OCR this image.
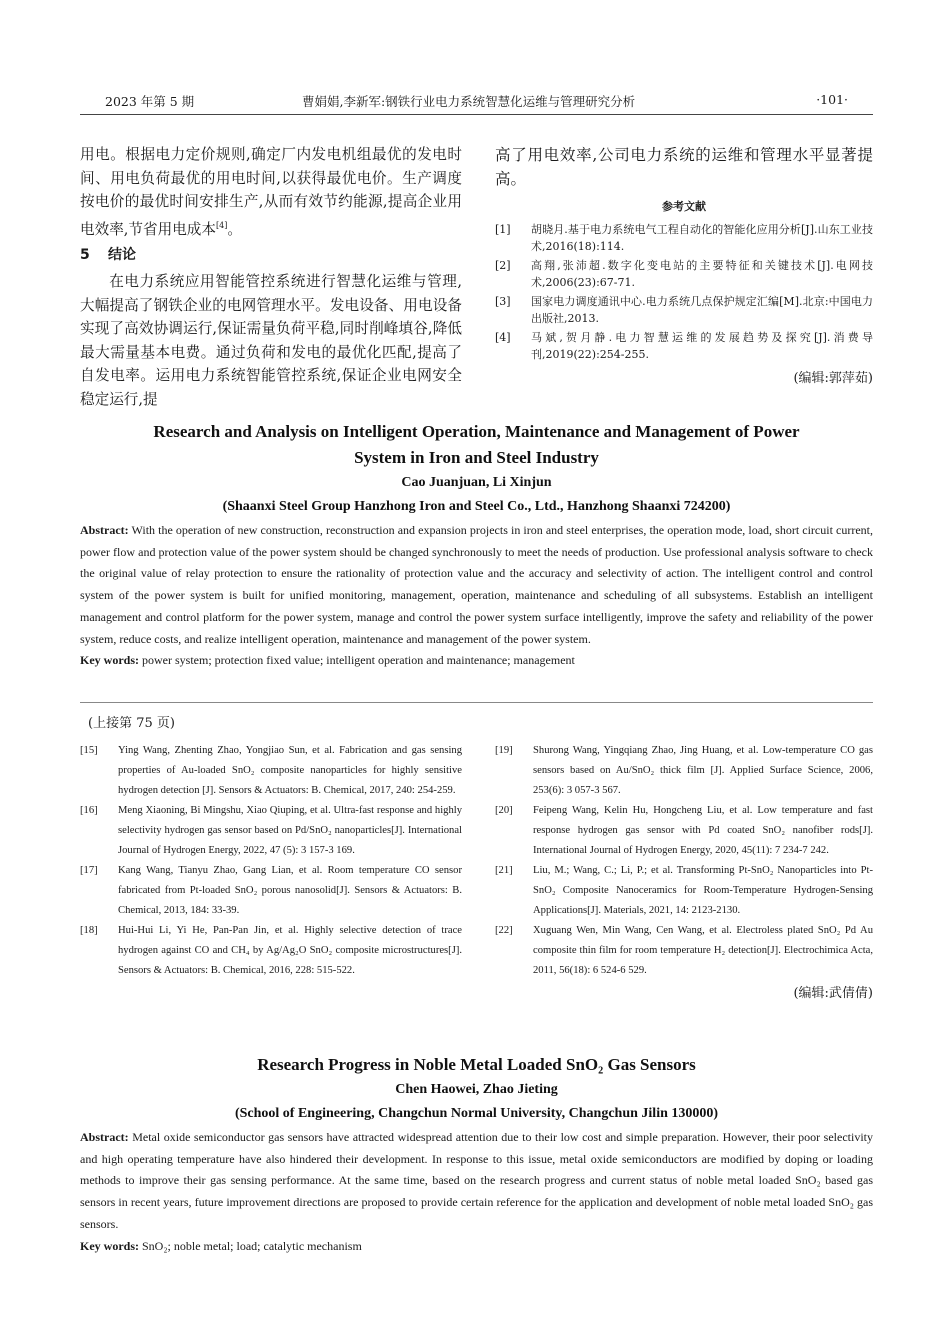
2023 年第 5 期	曹娟娟,李新军:钢铁行业电力系统智慧化运维与管理研究分析	·101·

用电。根据电力定价规则,确定厂内发电机组最优的发电时间、用电负荷最优的用电时间,以获得最优电价。生产调度按电价的最优时间安排生产,从而有效节约能源,提高企业用电效率,节省用电成本[4]。

5 结论

在电力系统应用智能管控系统进行智慧化运维与管理,大幅提高了钢铁企业的电网管理水平。发电设备、用电设备实现了高效协调运行,保证需量负荷平稳,同时削峰填谷,降低最大需量基本电费。通过负荷和发电的最优化匹配,提高了自发电率。运用电力系统智能管控系统,保证企业电网安全稳定运行,提

高了用电效率,公司电力系统的运维和管理水平显著提高。

参考文献
[1]	胡晓月.基于电力系统电气工程自动化的智能化应用分析[J].山东工业技术,2016(18):114.
[2]	高翔,张沛超.数字化变电站的主要特征和关键技术[J].电网技术,2006(23):67-71.
[3]	国家电力调度通讯中心.电力系统几点保护规定汇编[M].北京:中国电力出版社,2013.
[4]	马斌,贺月静.电力智慧运维的发展趋势及探究[J].消费导刊,2019(22):254-255.
(编辑:郭萍茹)
Research and Analysis on Intelligent Operation, Maintenance and Management of Power
System in Iron and Steel Industry
Cao Juanjuan, Li Xinjun
(Shaanxi Steel Group Hanzhong Iron and Steel Co., Ltd., Hanzhong Shaanxi 724200)
Abstract: With the operation of new construction, reconstruction and expansion projects in iron and steel enterprises, the operation mode, load, short circuit current, power flow and protection value of the power system should be changed synchronously to meet the needs of production. Use professional analysis software to check the original value of relay protection to ensure the rationality of protection value and the accuracy and selectivity of action. The intelligent control and control system of the power system is built for unified monitoring, management, operation, maintenance and scheduling of all subsystems. Establish an intelligent management and control platform for the power system, manage and control the power system surface intelligently, improve the safety and reliability of the power system, reduce costs, and realize intelligent operation, maintenance and management of the power system.
Key words: power system; protection fixed value; intelligent operation and maintenance; management
(上接第 75 页)
[15]	Ying Wang, Zhenting Zhao, Yongjiao Sun, et al. Fabrication and gas sensing properties of Au-loaded SnO₂ composite nanoparticles for highly sensitive hydrogen detection [J]. Sensors & Actuators: B. Chemical, 2017, 240: 254-259.
[16]	Meng Xiaoning, Bi Mingshu, Xiao Qiuping, et al. Ultra-fast response and highly selectivity hydrogen gas sensor based on Pd/SnO₂ nanoparticles[J]. International Journal of Hydrogen Energy, 2022, 47 (5): 3 157-3 169.
[17]	Kang Wang, Tianyu Zhao, Gang Lian, et al. Room temperature CO sensor fabricated from Pt-loaded SnO₂ porous nanosolid[J]. Sensors & Actuators: B. Chemical, 2013, 184: 33-39.
[18]	Hui-Hui Li, Yi He, Pan-Pan Jin, et al. Highly selective detection of trace hydrogen against CO and CH₄ by Ag/Ag₂O SnO₂ composite microstructures[J]. Sensors & Actuators: B. Chemical, 2016, 228: 515-522.
[19]	Shurong Wang, Yingqiang Zhao, Jing Huang, et al. Low-temperature CO gas sensors based on Au/SnO₂ thick film [J]. Applied Surface Science, 2006, 253(6): 3 057-3 567.
[20]	Feipeng Wang, Kelin Hu, Hongcheng Liu, et al. Low temperature and fast response hydrogen gas sensor with Pd coated SnO₂ nanofiber rods[J]. International Journal of Hydrogen Energy, 2020, 45(11): 7 234-7 242.
[21]	Liu, M.; Wang, C.; Li, P.; et al. Transforming Pt-SnO₂ Nanoparticles into Pt-SnO₂ Composite Nanoceramics for Room-Temperature Hydrogen-Sensing Applications[J]. Materials, 2021, 14: 2123-2130.
[22]	Xuguang Wen, Min Wang, Cen Wang, et al. Electroless plated SnO₂ Pd Au composite thin film for room temperature H₂ detection[J]. Electrochimica Acta, 2011, 56(18): 6 524-6 529.
(编辑:武倩倩)
Research Progress in Noble Metal Loaded SnO₂ Gas Sensors
Chen Haowei, Zhao Jieting
(School of Engineering, Changchun Normal University, Changchun Jilin 130000)
Abstract: Metal oxide semiconductor gas sensors have attracted widespread attention due to their low cost and simple preparation. However, their poor selectivity and high operating temperature have also hindered their development. In response to this issue, metal oxide semiconductors are modified by doping or loading methods to improve their gas sensing performance. At the same time, based on the research progress and current status of noble metal loaded SnO₂ based gas sensors in recent years, future improvement directions are proposed to provide certain reference for the application and development of noble metal loaded SnO₂ gas sensors.
Key words: SnO₂; noble metal; load; catalytic mechanism
